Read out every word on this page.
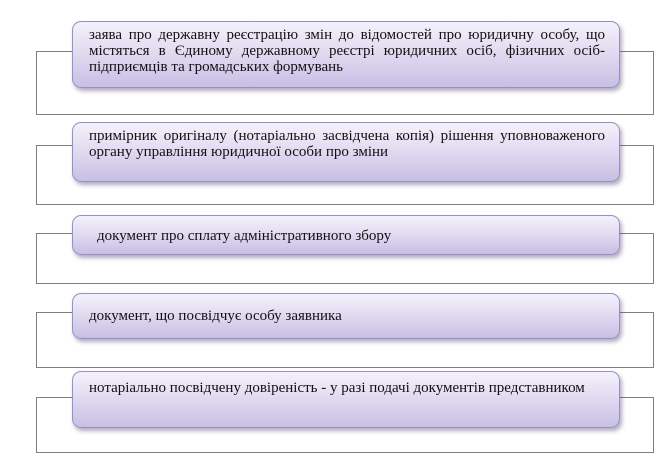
заява про державну реєстрацію змін до відомостей про юридичну особу, що містяться в Єдиному державному реєстрі юридичних осіб, фізичних осіб-підприємців та громадських формувань
примірник оригіналу (нотаріально засвідчена копія) рішення уповноваженого органу управління юридичної особи про зміни
документ про сплату адміністративного збору
документ, що посвідчує особу заявника
нотаріально посвідчену довіреність - у разі подачі документів представником
